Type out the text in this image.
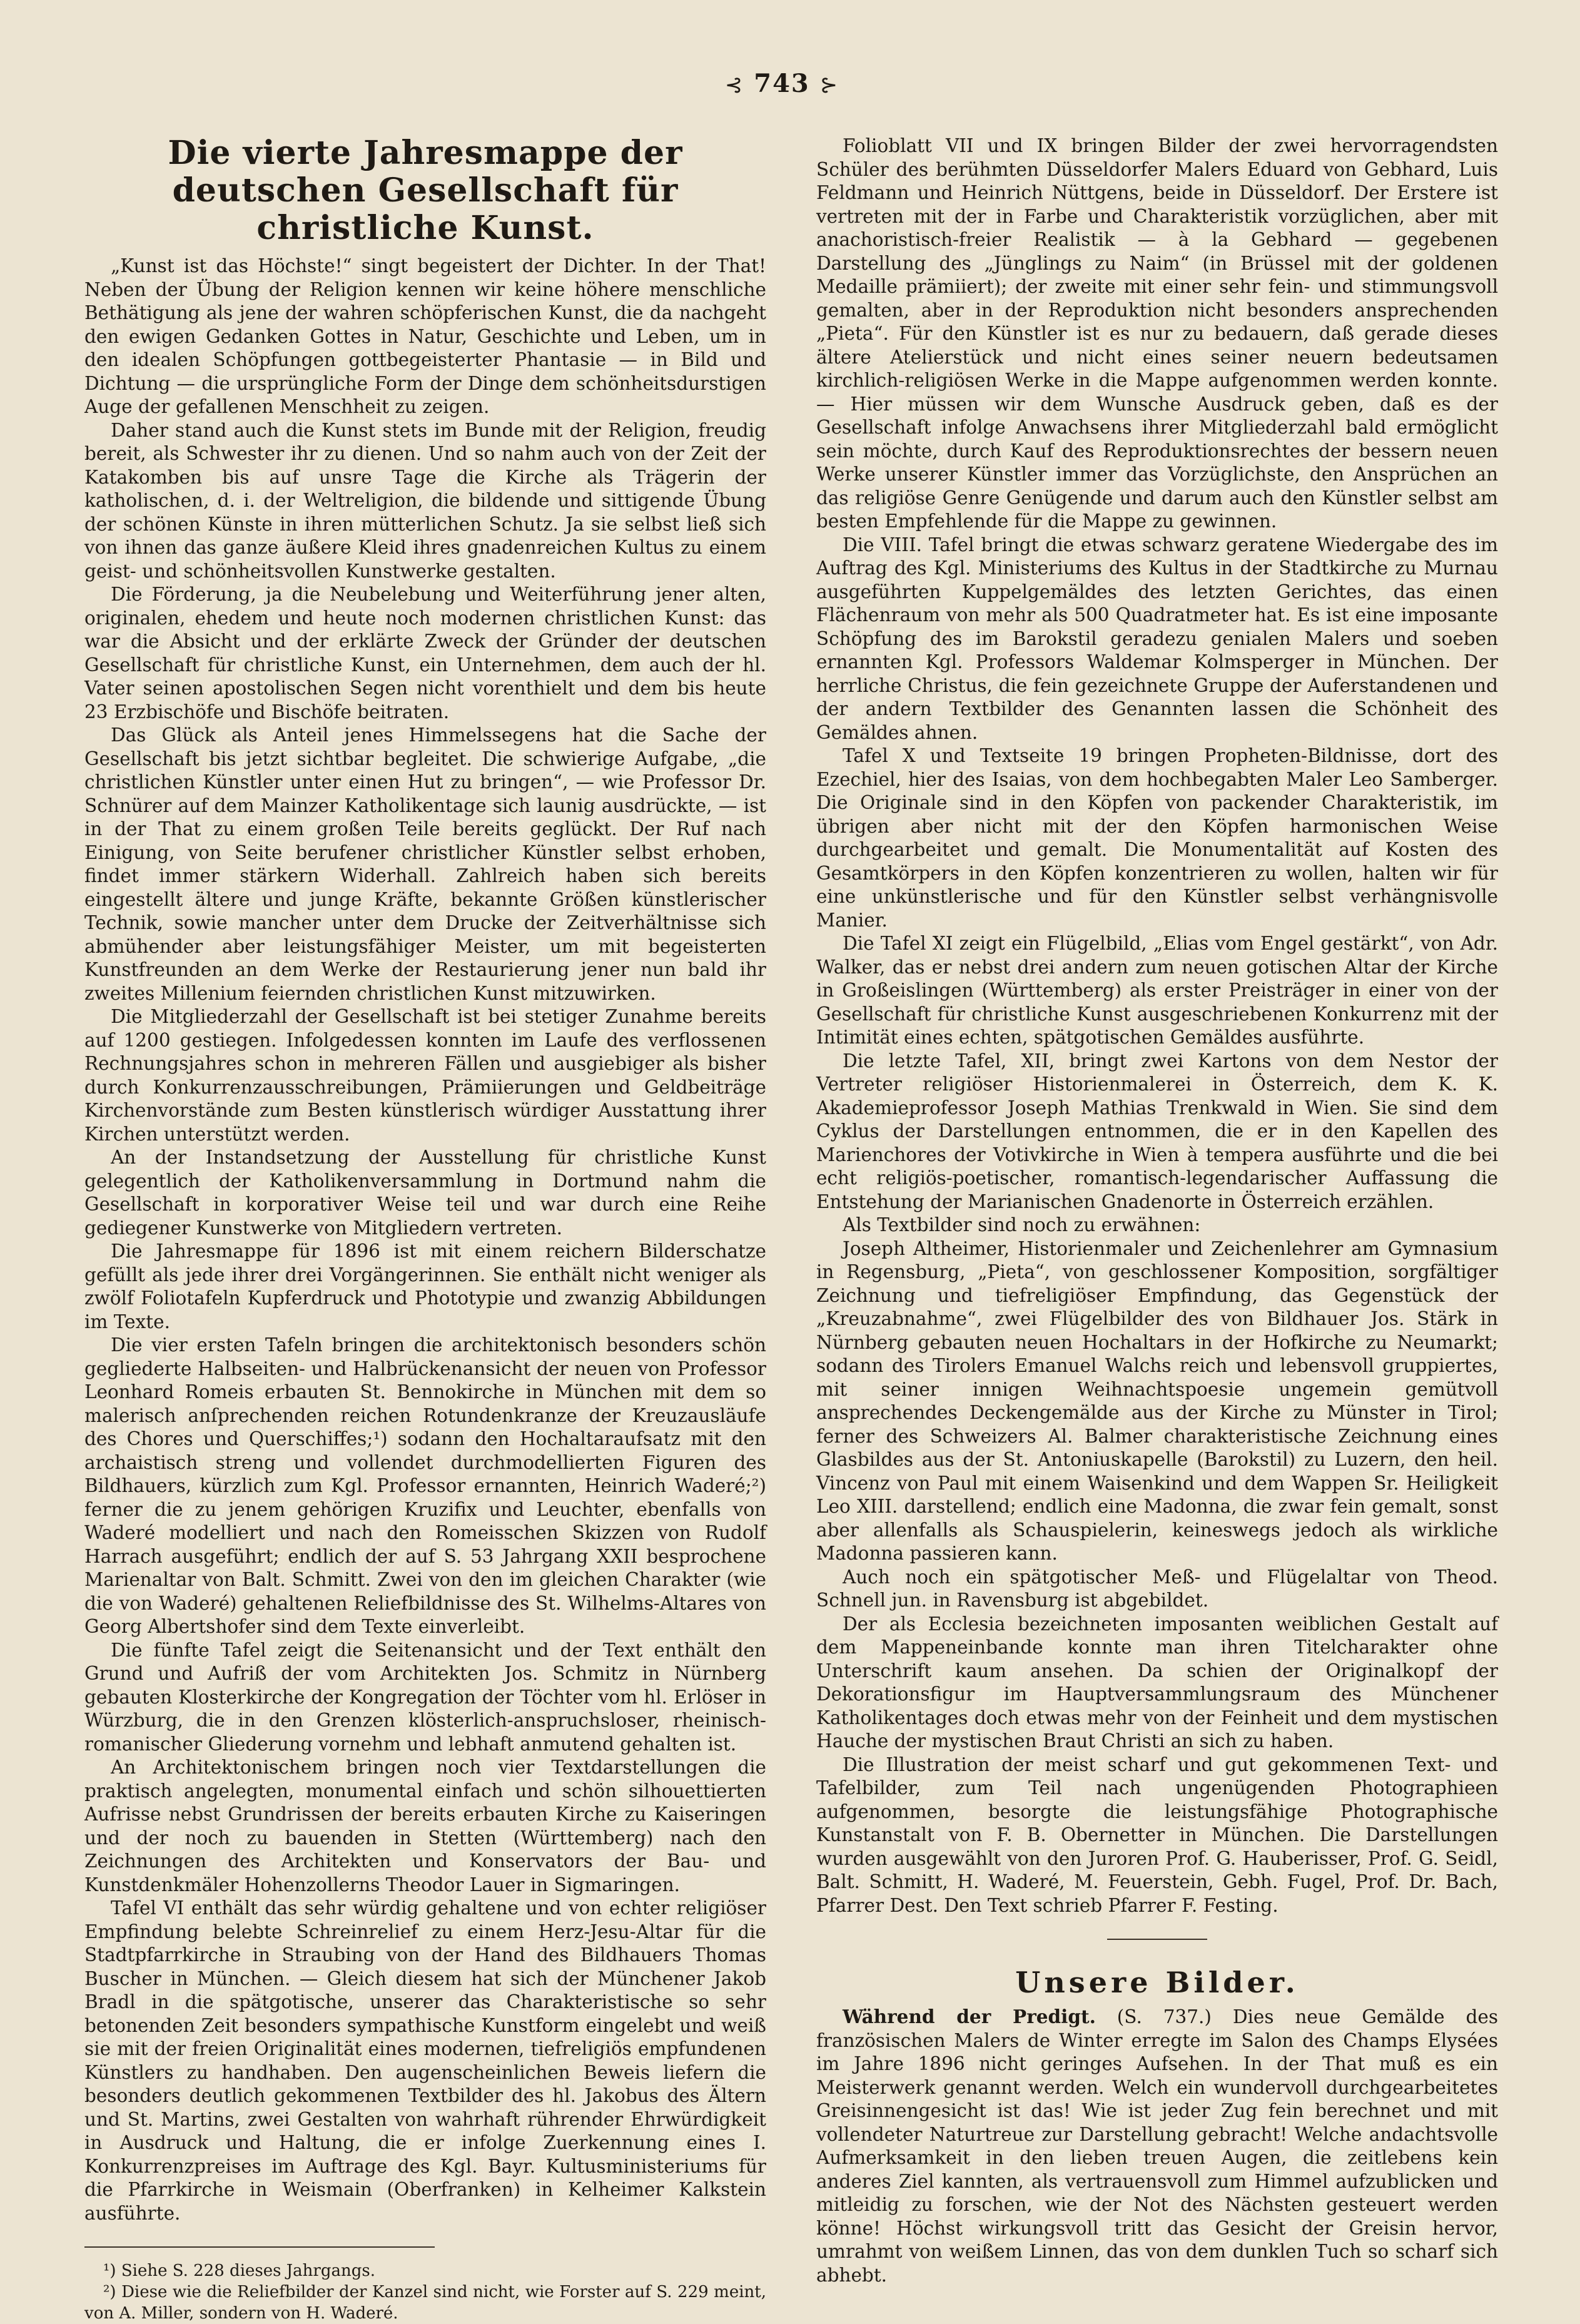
⊰ 743 ⊱
Die vierte Jahresmappe der deutschen Gesellschaft für christliche Kunst.

„Kunst ist das Höchste!“ singt begeistert der Dichter. In der That! Neben der Übung der Religion kennen wir keine höhere menschliche Bethätigung als jene der wahren schöpferischen Kunst, die da nachgeht den ewigen Gedanken Gottes in Natur, Geschichte und Leben, um in den idealen Schöpfungen gottbegeisterter Phantasie — in Bild und Dichtung — die ursprüngliche Form der Dinge dem schönheitsdurstigen Auge der gefallenen Menschheit zu zeigen.

Daher stand auch die Kunst stets im Bunde mit der Religion, freudig bereit, als Schwester ihr zu dienen. Und so nahm auch von der Zeit der Katakomben bis auf unsre Tage die Kirche als Trägerin der katholischen, d. i. der Weltreligion, die bildende und sittigende Übung der schönen Künste in ihren mütterlichen Schutz. Ja sie selbst ließ sich von ihnen das ganze äußere Kleid ihres gnadenreichen Kultus zu einem geist- und schönheitsvollen Kunstwerke gestalten.

Die Förderung, ja die Neubelebung und Weiterführung jener alten, originalen, ehedem und heute noch modernen christlichen Kunst: das war die Absicht und der erklärte Zweck der Gründer der deutschen Gesellschaft für christliche Kunst, ein Unternehmen, dem auch der hl. Vater seinen apostolischen Segen nicht vorenthielt und dem bis heute 23 Erzbischöfe und Bischöfe beitraten.

Das Glück als Anteil jenes Himmelssegens hat die Sache der Gesellschaft bis jetzt sichtbar begleitet. Die schwierige Aufgabe, „die christlichen Künstler unter einen Hut zu bringen“, — wie Professor Dr. Schnürer auf dem Mainzer Katholikentage sich launig ausdrückte, — ist in der That zu einem großen Teile bereits geglückt. Der Ruf nach Einigung, von Seite berufener christlicher Künstler selbst erhoben, findet immer stärkern Widerhall. Zahlreich haben sich bereits eingestellt ältere und junge Kräfte, bekannte Größen künstlerischer Technik, sowie mancher unter dem Drucke der Zeitverhältnisse sich abmühender aber leistungsfähiger Meister, um mit begeisterten Kunstfreunden an dem Werke der Restaurierung jener nun bald ihr zweites Millenium feiernden christlichen Kunst mitzuwirken.

Die Mitgliederzahl der Gesellschaft ist bei stetiger Zunahme bereits auf 1200 gestiegen. Infolgedessen konnten im Laufe des verflossenen Rechnungsjahres schon in mehreren Fällen und ausgiebiger als bisher durch Konkurrenzausschreibungen, Prämiierungen und Geldbeiträge Kirchenvorstände zum Besten künstlerisch würdiger Ausstattung ihrer Kirchen unterstützt werden.

An der Instandsetzung der Ausstellung für christliche Kunst gelegentlich der Katholikenversammlung in Dortmund nahm die Gesellschaft in korporativer Weise teil und war durch eine Reihe gediegener Kunstwerke von Mitgliedern vertreten.

Die Jahresmappe für 1896 ist mit einem reichern Bilderschatze gefüllt als jede ihrer drei Vorgängerinnen. Sie enthält nicht weniger als zwölf Foliotafeln Kupferdruck und Phototypie und zwanzig Abbildungen im Texte.

Die vier ersten Tafeln bringen die architektonisch besonders schön gegliederte Halbseiten- und Halbrückenansicht der neuen von Professor Leonhard Romeis erbauten St. Bennokirche in München mit dem so malerisch anſprechenden reichen Rotundenkranze der Kreuzausläufe des Chores und Querschiffes;¹) sodann den Hochaltaraufsatz mit den archaistisch streng und vollendet durchmodellierten Figuren des Bildhauers, kürzlich zum Kgl. Professor ernannten, Heinrich Waderé;²) ferner die zu jenem gehörigen Kruzifix und Leuchter, ebenfalls von Waderé modelliert und nach den Romeisschen Skizzen von Rudolf Harrach ausgeführt; endlich der auf S. 53 Jahrgang XXII besprochene Marienaltar von Balt. Schmitt. Zwei von den im gleichen Charakter (wie die von Waderé) gehaltenen Reliefbildnisse des St. Wilhelms-Altares von Georg Albertshofer sind dem Texte einverleibt.

Die fünfte Tafel zeigt die Seitenansicht und der Text enthält den Grund und Aufriß der vom Architekten Jos. Schmitz in Nürnberg gebauten Klosterkirche der Kongregation der Töchter vom hl. Erlöser in Würzburg, die in den Grenzen klösterlich-anspruchsloser, rheinisch-romanischer Gliederung vornehm und lebhaft anmutend gehalten ist.

An Architektonischem bringen noch vier Textdarstellungen die praktisch angelegten, monumental einfach und schön silhouettierten Aufrisse nebst Grundrissen der bereits erbauten Kirche zu Kaiseringen und der noch zu bauenden in Stetten (Württemberg) nach den Zeichnungen des Architekten und Konservators der Bau- und Kunstdenkmäler Hohenzollerns Theodor Lauer in Sigmaringen.

Tafel VI enthält das sehr würdig gehaltene und von echter religiöser Empfindung belebte Schreinrelief zu einem Herz-Jesu-Altar für die Stadtpfarrkirche in Straubing von der Hand des Bildhauers Thomas Buscher in München. — Gleich diesem hat sich der Münchener Jakob Bradl in die spätgotische, unserer das Charakteristische so sehr betonenden Zeit besonders sympathische Kunstform eingelebt und weiß sie mit der freien Originalität eines modernen, tiefreligiös empfundenen Künstlers zu handhaben. Den augenscheinlichen Beweis liefern die besonders deutlich gekommenen Textbilder des hl. Jakobus des Ältern und St. Martins, zwei Gestalten von wahrhaft rührender Ehrwürdigkeit in Ausdruck und Haltung, die er infolge Zuerkennung eines I. Konkurrenzpreises im Auftrage des Kgl. Bayr. Kultusministeriums für die Pfarrkirche in Weismain (Oberfranken) in Kelheimer Kalkstein ausführte.

¹) Siehe S. 228 dieses Jahrgangs.

²) Diese wie die Reliefbilder der Kanzel sind nicht, wie Forster auf S. 229 meint, von A. Miller, sondern von H. Waderé.

Folioblatt VII und IX bringen Bilder der zwei hervorragendsten Schüler des berühmten Düsseldorfer Malers Eduard von Gebhard, Luis Feldmann und Heinrich Nüttgens, beide in Düsseldorf. Der Erstere ist vertreten mit der in Farbe und Charakteristik vorzüglichen, aber mit anachoristisch-freier Realistik — à la Gebhard — gegebenen Darstellung des „Jünglings zu Naim“ (in Brüssel mit der goldenen Medaille prämiiert); der zweite mit einer sehr fein- und stimmungsvoll gemalten, aber in der Reproduktion nicht besonders ansprechenden „Pieta“. Für den Künstler ist es nur zu bedauern, daß gerade dieses ältere Atelierstück und nicht eines seiner neuern bedeutsamen kirchlich-religiösen Werke in die Mappe aufgenommen werden konnte. — Hier müssen wir dem Wunsche Ausdruck geben, daß es der Gesellschaft infolge Anwachsens ihrer Mitgliederzahl bald ermöglicht sein möchte, durch Kauf des Reproduktionsrechtes der bessern neuen Werke unserer Künstler immer das Vorzüglichste, den Ansprüchen an das religiöse Genre Genügende und darum auch den Künstler selbst am besten Empfehlende für die Mappe zu gewinnen.

Die VIII. Tafel bringt die etwas schwarz geratene Wiedergabe des im Auftrag des Kgl. Ministeriums des Kultus in der Stadtkirche zu Murnau ausgeführten Kuppelgemäldes des letzten Gerichtes, das einen Flächenraum von mehr als 500 Quadratmeter hat. Es ist eine imposante Schöpfung des im Barokstil geradezu genialen Malers und soeben ernannten Kgl. Professors Waldemar Kolmsperger in München. Der herrliche Christus, die fein gezeichnete Gruppe der Auferstandenen und der andern Textbilder des Genannten lassen die Schönheit des Gemäldes ahnen.

Tafel X und Textseite 19 bringen Propheten-Bildnisse, dort des Ezechiel, hier des Isaias, von dem hochbegabten Maler Leo Samberger. Die Originale sind in den Köpfen von packender Charakteristik, im übrigen aber nicht mit der den Köpfen harmonischen Weise durchgearbeitet und gemalt. Die Monumentalität auf Kosten des Gesamtkörpers in den Köpfen konzentrieren zu wollen, halten wir für eine unkünstlerische und für den Künstler selbst verhängnisvolle Manier.

Die Tafel XI zeigt ein Flügelbild, „Elias vom Engel gestärkt“, von Adr. Walker, das er nebst drei andern zum neuen gotischen Altar der Kirche in Großeislingen (Württemberg) als erster Preisträger in einer von der Gesellschaft für christliche Kunst ausgeschriebenen Konkurrenz mit der Intimität eines echten, spätgotischen Gemäldes ausführte.

Die letzte Tafel, XII, bringt zwei Kartons von dem Nestor der Vertreter religiöser Historienmalerei in Österreich, dem K. K. Akademieprofessor Joseph Mathias Trenkwald in Wien. Sie sind dem Cyklus der Darstellungen entnommen, die er in den Kapellen des Marienchores der Votivkirche in Wien à tempera ausführte und die bei echt religiös-poetischer, romantisch-legendarischer Auffassung die Entstehung der Marianischen Gnadenorte in Österreich erzählen.

Als Textbilder sind noch zu erwähnen:

Joseph Altheimer, Historienmaler und Zeichenlehrer am Gymnasium in Regensburg, „Pieta“, von geschlossener Komposition, sorgfältiger Zeichnung und tiefreligiöser Empfindung, das Gegenstück der „Kreuzabnahme“, zwei Flügelbilder des von Bildhauer Jos. Stärk in Nürnberg gebauten neuen Hochaltars in der Hofkirche zu Neumarkt; sodann des Tirolers Emanuel Walchs reich und lebensvoll gruppiertes, mit seiner innigen Weihnachtspoesie ungemein gemütvoll ansprechendes Deckengemälde aus der Kirche zu Münster in Tirol; ferner des Schweizers Al. Balmer charakteristische Zeichnung eines Glasbildes aus der St. Antoniuskapelle (Barokstil) zu Luzern, den heil. Vincenz von Paul mit einem Waisenkind und dem Wappen Sr. Heiligkeit Leo XIII. darstellend; endlich eine Madonna, die zwar fein gemalt, sonst aber allenfalls als Schauspielerin, keineswegs jedoch als wirkliche Madonna passieren kann.

Auch noch ein spätgotischer Meß- und Flügelaltar von Theod. Schnell jun. in Ravensburg ist abgebildet.

Der als Ecclesia bezeichneten imposanten weiblichen Gestalt auf dem Mappeneinbande konnte man ihren Titelcharakter ohne Unterschrift kaum ansehen. Da schien der Originalkopf der Dekorationsfigur im Hauptversammlungsraum des Münchener Katholikentages doch etwas mehr von der Feinheit und dem mystischen Hauche der mystischen Braut Christi an sich zu haben.

Die Illustration der meist scharf und gut gekommenen Text- und Tafelbilder, zum Teil nach ungenügenden Photographieen aufgenommen, besorgte die leistungsfähige Photographische Kunstanstalt von F. B. Obernetter in München. Die Darstellungen wurden ausgewählt von den Juroren Prof. G. Hauberisser, Prof. G. Seidl, Balt. Schmitt, H. Waderé, M. Feuerstein, Gebh. Fugel, Prof. Dr. Bach, Pfarrer Dest. Den Text schrieb Pfarrer F. Festing.

Unsere Bilder.

Während der Predigt. (S. 737.) Dies neue Gemälde des französischen Malers de Winter erregte im Salon des Champs Elysées im Jahre 1896 nicht geringes Aufsehen. In der That muß es ein Meisterwerk genannt werden. Welch ein wundervoll durchgearbeitetes Greisinnengesicht ist das! Wie ist jeder Zug fein berechnet und mit vollendeter Naturtreue zur Darstellung gebracht! Welche andachtsvolle Aufmerksamkeit in den lieben treuen Augen, die zeitlebens kein anderes Ziel kannten, als vertrauensvoll zum Himmel aufzublicken und mitleidig zu forschen, wie der Not des Nächsten gesteuert werden könne! Höchst wirkungsvoll tritt das Gesicht der Greisin hervor, umrahmt von weißem Linnen, das von dem dunklen Tuch so scharf sich abhebt.
